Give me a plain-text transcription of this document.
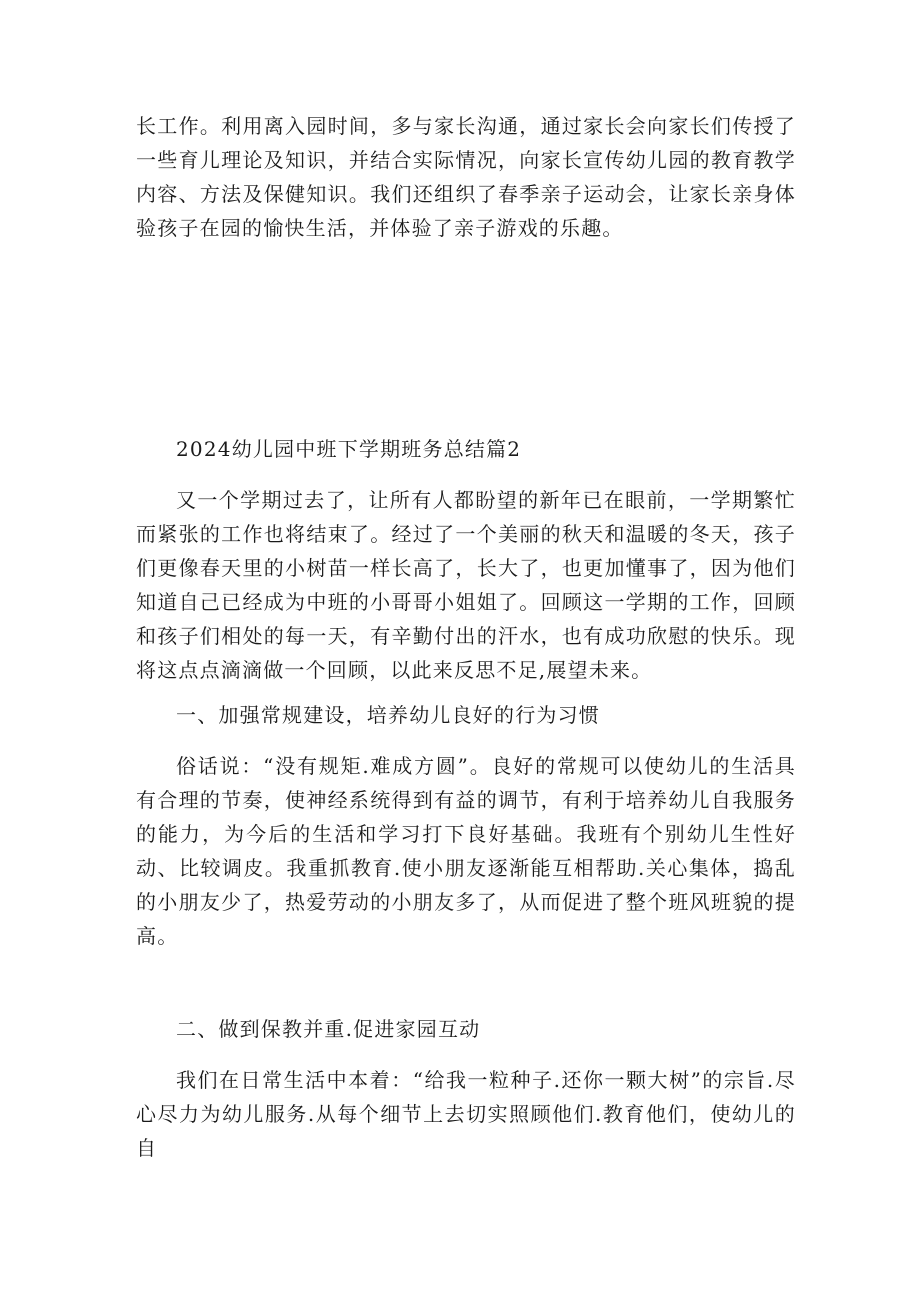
长工作。利用离入园时间，多与家长沟通，通过家长会向家长们传授了一些育儿理论及知识，并结合实际情况，向家长宣传幼儿园的教育教学内容、方法及保健知识。我们还组织了春季亲子运动会，让家长亲身体验孩子在园的愉快生活，并体验了亲子游戏的乐趣。

2024幼儿园中班下学期班务总结篇2

又一个学期过去了，让所有人都盼望的新年已在眼前，一学期繁忙而紧张的工作也将结束了。经过了一个美丽的秋天和温暖的冬天，孩子们更像春天里的小树苗一样长高了，长大了，也更加懂事了，因为他们知道自己已经成为中班的小哥哥小姐姐了。回顾这一学期的工作，回顾和孩子们相处的每一天，有辛勤付出的汗水，也有成功欣慰的快乐。现将这点点滴滴做一个回顾，以此来反思不足,展望未来。

一、加强常规建设，培养幼儿良好的行为习惯

俗话说：“没有规矩.难成方圆”。良好的常规可以使幼儿的生活具有合理的节奏，使神经系统得到有益的调节，有利于培养幼儿自我服务的能力，为今后的生活和学习打下良好基础。我班有个别幼儿生性好动、比较调皮。我重抓教育.使小朋友逐渐能互相帮助.关心集体，捣乱的小朋友少了，热爱劳动的小朋友多了，从而促进了整个班风班貌的提高。

二、做到保教并重.促进家园互动

我们在日常生活中本着：“给我一粒种子.还你一颗大树”的宗旨.尽心尽力为幼儿服务.从每个细节上去切实照顾他们.教育他们，使幼儿的自
